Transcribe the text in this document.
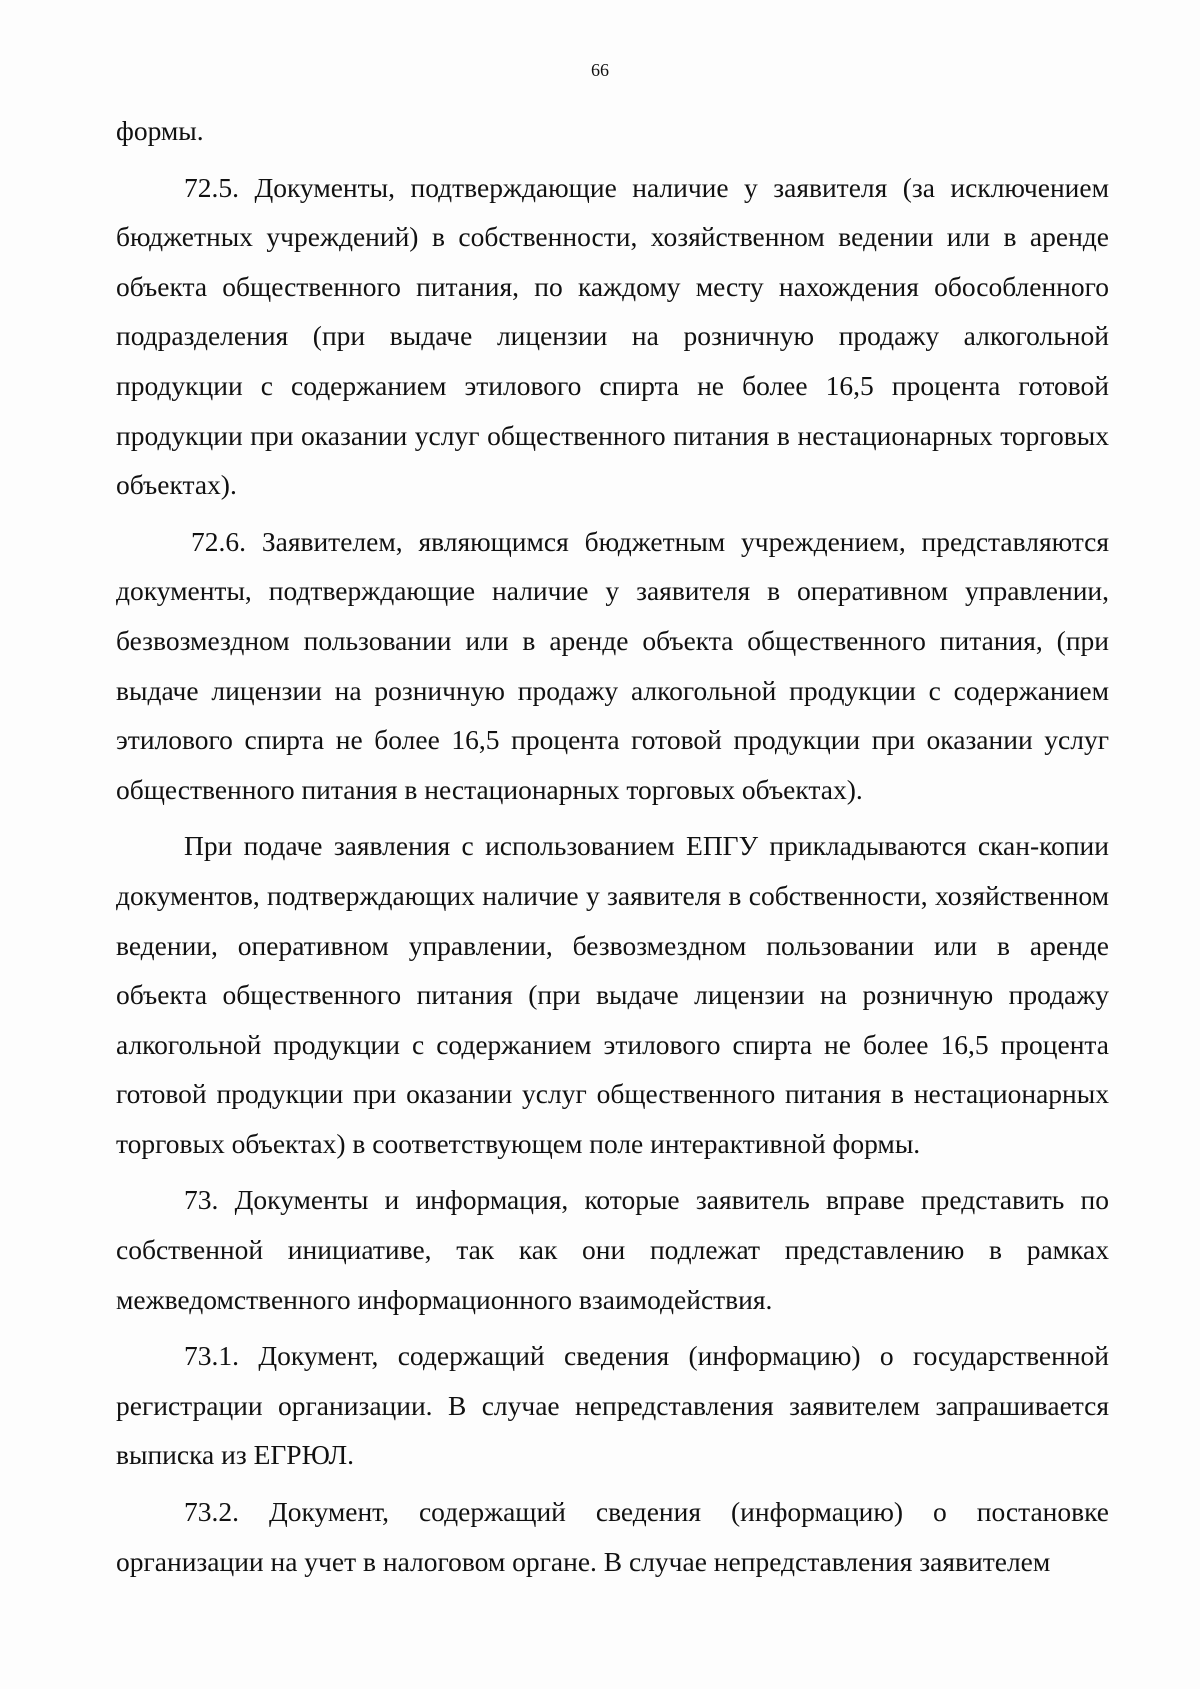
66

формы.

72.5. Документы, подтверждающие наличие у заявителя (за исключением бюджетных учреждений) в собственности, хозяйственном ведении или в аренде объекта общественного питания, по каждому месту нахождения обособленного подразделения (при выдаче лицензии на розничную продажу алкогольной продукции с содержанием этилового спирта не более 16,5 процента готовой продукции при оказании услуг общественного питания в нестационарных торговых объектах).

72.6. Заявителем, являющимся бюджетным учреждением, представляются документы, подтверждающие наличие у заявителя в оперативном управлении, безвозмездном пользовании или в аренде объекта общественного питания, (при выдаче лицензии на розничную продажу алкогольной продукции с содержанием этилового спирта не более 16,5 процента готовой продукции при оказании услуг общественного питания в нестационарных торговых объектах).

При подаче заявления с использованием ЕПГУ прикладываются скан-копии документов, подтверждающих наличие у заявителя в собственности, хозяйственном ведении, оперативном управлении, безвозмездном пользовании или в аренде объекта общественного питания (при выдаче лицензии на розничную продажу алкогольной продукции с содержанием этилового спирта не более 16,5 процента готовой продукции при оказании услуг общественного питания в нестационарных торговых объектах) в соответствующем поле интерактивной формы.

73. Документы и информация, которые заявитель вправе представить по собственной инициативе, так как они подлежат представлению в рамках межведомственного информационного взаимодействия.

73.1. Документ, содержащий сведения (информацию) о государственной регистрации организации. В случае непредставления заявителем запрашивается выписка из ЕГРЮЛ.

73.2. Документ, содержащий сведения (информацию) о постановке организации на учет в налоговом органе. В случае непредставления заявителем
